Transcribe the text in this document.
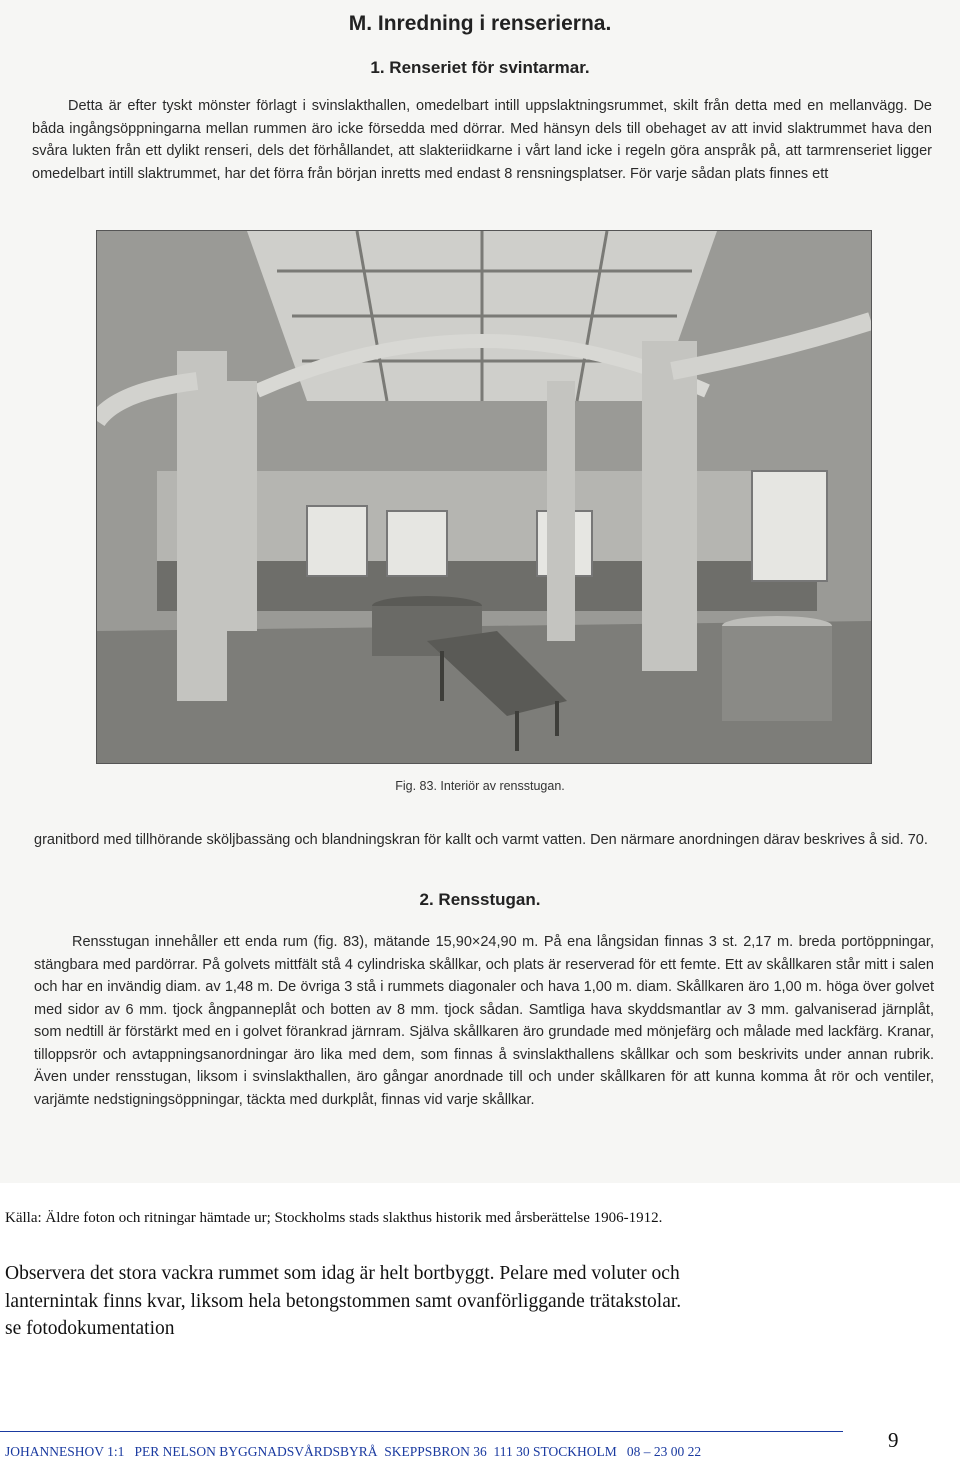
M. Inredning i renserierna.
1. Renseriet för svintarmar.
Detta är efter tyskt mönster förlagt i svinslakthallen, omedelbart intill uppslaktningsrummet, skilt från detta med en mellanvägg. De båda ingångsöppningarna mellan rummen äro icke försedda med dörrar. Med hänsyn dels till obehaget av att invid slaktrummet hava den svåra lukten från ett dylikt renseri, dels det förhållandet, att slakteriidkarne i vårt land icke i regeln göra anspråk på, att tarmrenseriet ligger omedelbart intill slaktrummet, har det förra från början inretts med endast 8 rensningsplatser. För varje sådan plats finnes ett
Fig. 83. Interiör av rensstugan.
granitbord med tillhörande sköljbassäng och blandningskran för kallt och varmt vatten. Den närmare anordningen därav beskrives å sid. 70.
2. Rensstugan.
Rensstugan innehåller ett enda rum (fig. 83), mätande 15,90×24,90 m. På ena långsidan finnas 3 st. 2,17 m. breda portöppningar, stängbara med pardörrar. På golvets mittfält stå 4 cylindriska skållkar, och plats är reserverad för ett femte. Ett av skållkaren står mitt i salen och har en invändig diam. av 1,48 m. De övriga 3 stå i rummets diagonaler och hava 1,00 m. diam. Skållkaren äro 1,00 m. höga över golvet med sidor av 6 mm. tjock ångpanneplåt och botten av 8 mm. tjock sådan. Samtliga hava skyddsmantlar av 3 mm. galvaniserad järnplåt, som nedtill är förstärkt med en i golvet förankrad järnram. Själva skållkaren äro grundade med mönjefärg och målade med lackfärg. Kranar, tilloppsrör och avtappningsanordningar äro lika med dem, som finnas å svinslakthallens skållkar och som beskrivits under annan rubrik. Även under rensstugan, liksom i svinslakthallen, äro gångar anordnade till och under skållkaren för att kunna komma åt rör och ventiler, varjämte nedstigningsöppningar, täckta med durkplåt, finnas vid varje skållkar.
Källa: Äldre foton och ritningar hämtade ur; Stockholms stads slakthus historik med årsberättelse 1906-1912.
Observera det stora vackra rummet som idag är helt bortbyggt. Pelare med voluter och
lanternintak finns kvar, liksom hela betongstommen samt ovanförliggande trätakstolar.
se fotodokumentation
JOHANNESHOV 1:1   PER NELSON BYGGNADSVÅRDSBYRÅ  SKEPPSBRON 36  111 30 STOCKHOLM   08 – 23 00 22	9
